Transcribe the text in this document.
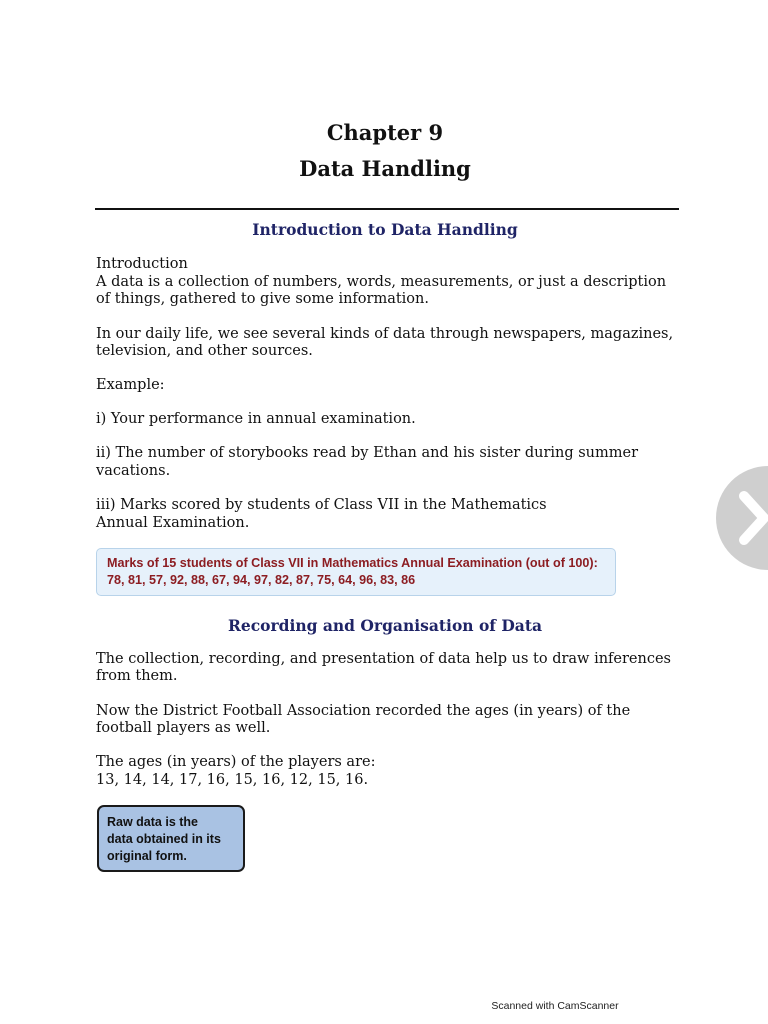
Chapter 9
Data Handling
Introduction to Data Handling
Introduction
A data is a collection of numbers, words, measurements, or just a description
of things, gathered to give some information.
In our daily life, we see several kinds of data through newspapers, magazines,
television, and other sources.
Example:
i) Your performance in annual examination.
ii) The number of storybooks read by Ethan and his sister during summer
vacations.
iii) Marks scored by students of Class VII in the Mathematics
Annual Examination.
Marks of 15 students of Class VII in Mathematics Annual Examination (out of 100):
78, 81, 57, 92, 88, 67, 94, 97, 82, 87, 75, 64, 96, 83, 86
Recording and Organisation of Data
The collection, recording, and presentation of data help us to draw inferences
from them.
Now the District Football Association recorded the ages (in years) of the
football players as well.
The ages (in years) of the players are:
13, 14, 14, 17, 16, 15, 16, 12, 15, 16.
Raw data is the
data obtained in its
original form.
Scanned with CamScanner
